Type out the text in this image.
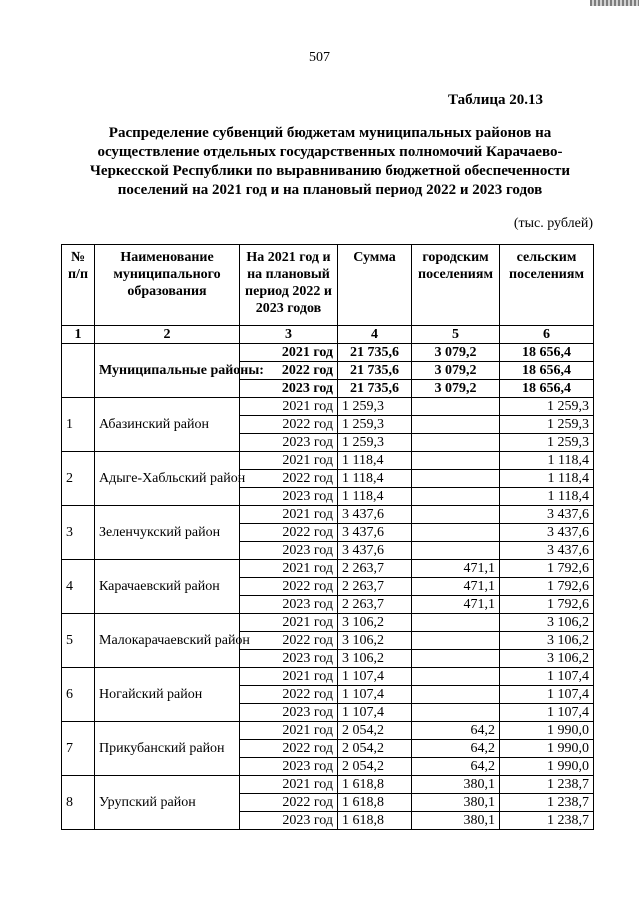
507
Таблица 20.13
Распределение субвенций бюджетам муниципальных районов на
осуществление отдельных государственных полномочий Карачаево-
Черкесской Республики по выравниванию бюджетной обеспеченности
поселений на 2021 год и на плановый период 2022 и 2023 годов
(тыс. рублей)
№ п/п	Наименование муниципального образования	На 2021 год и на плановый период 2022 и 2023 годов	Сумма	городским поселениям	сельским поселениям
1	2	3	4	5	6
	Муниципальные районы:	2021 год	21 735,6	3 079,2	18 656,4
		2022 год	21 735,6	3 079,2	18 656,4
		2023 год	21 735,6	3 079,2	18 656,4
1	Абазинский район	2021 год	1 259,3		1 259,3
		2022 год	1 259,3		1 259,3
		2023 год	1 259,3		1 259,3
2	Адыге-Хабльский район	2021 год	1 118,4		1 118,4
		2022 год	1 118,4		1 118,4
		2023 год	1 118,4		1 118,4
3	Зеленчукский район	2021 год	3 437,6		3 437,6
		2022 год	3 437,6		3 437,6
		2023 год	3 437,6		3 437,6
4	Карачаевский район	2021 год	2 263,7	471,1	1 792,6
		2022 год	2 263,7	471,1	1 792,6
		2023 год	2 263,7	471,1	1 792,6
5	Малокарачаевский район	2021 год	3 106,2		3 106,2
		2022 год	3 106,2		3 106,2
		2023 год	3 106,2		3 106,2
6	Ногайский район	2021 год	1 107,4		1 107,4
		2022 год	1 107,4		1 107,4
		2023 год	1 107,4		1 107,4
7	Прикубанский район	2021 год	2 054,2	64,2	1 990,0
		2022 год	2 054,2	64,2	1 990,0
		2023 год	2 054,2	64,2	1 990,0
8	Урупский район	2021 год	1 618,8	380,1	1 238,7
		2022 год	1 618,8	380,1	1 238,7
		2023 год	1 618,8	380,1	1 238,7
